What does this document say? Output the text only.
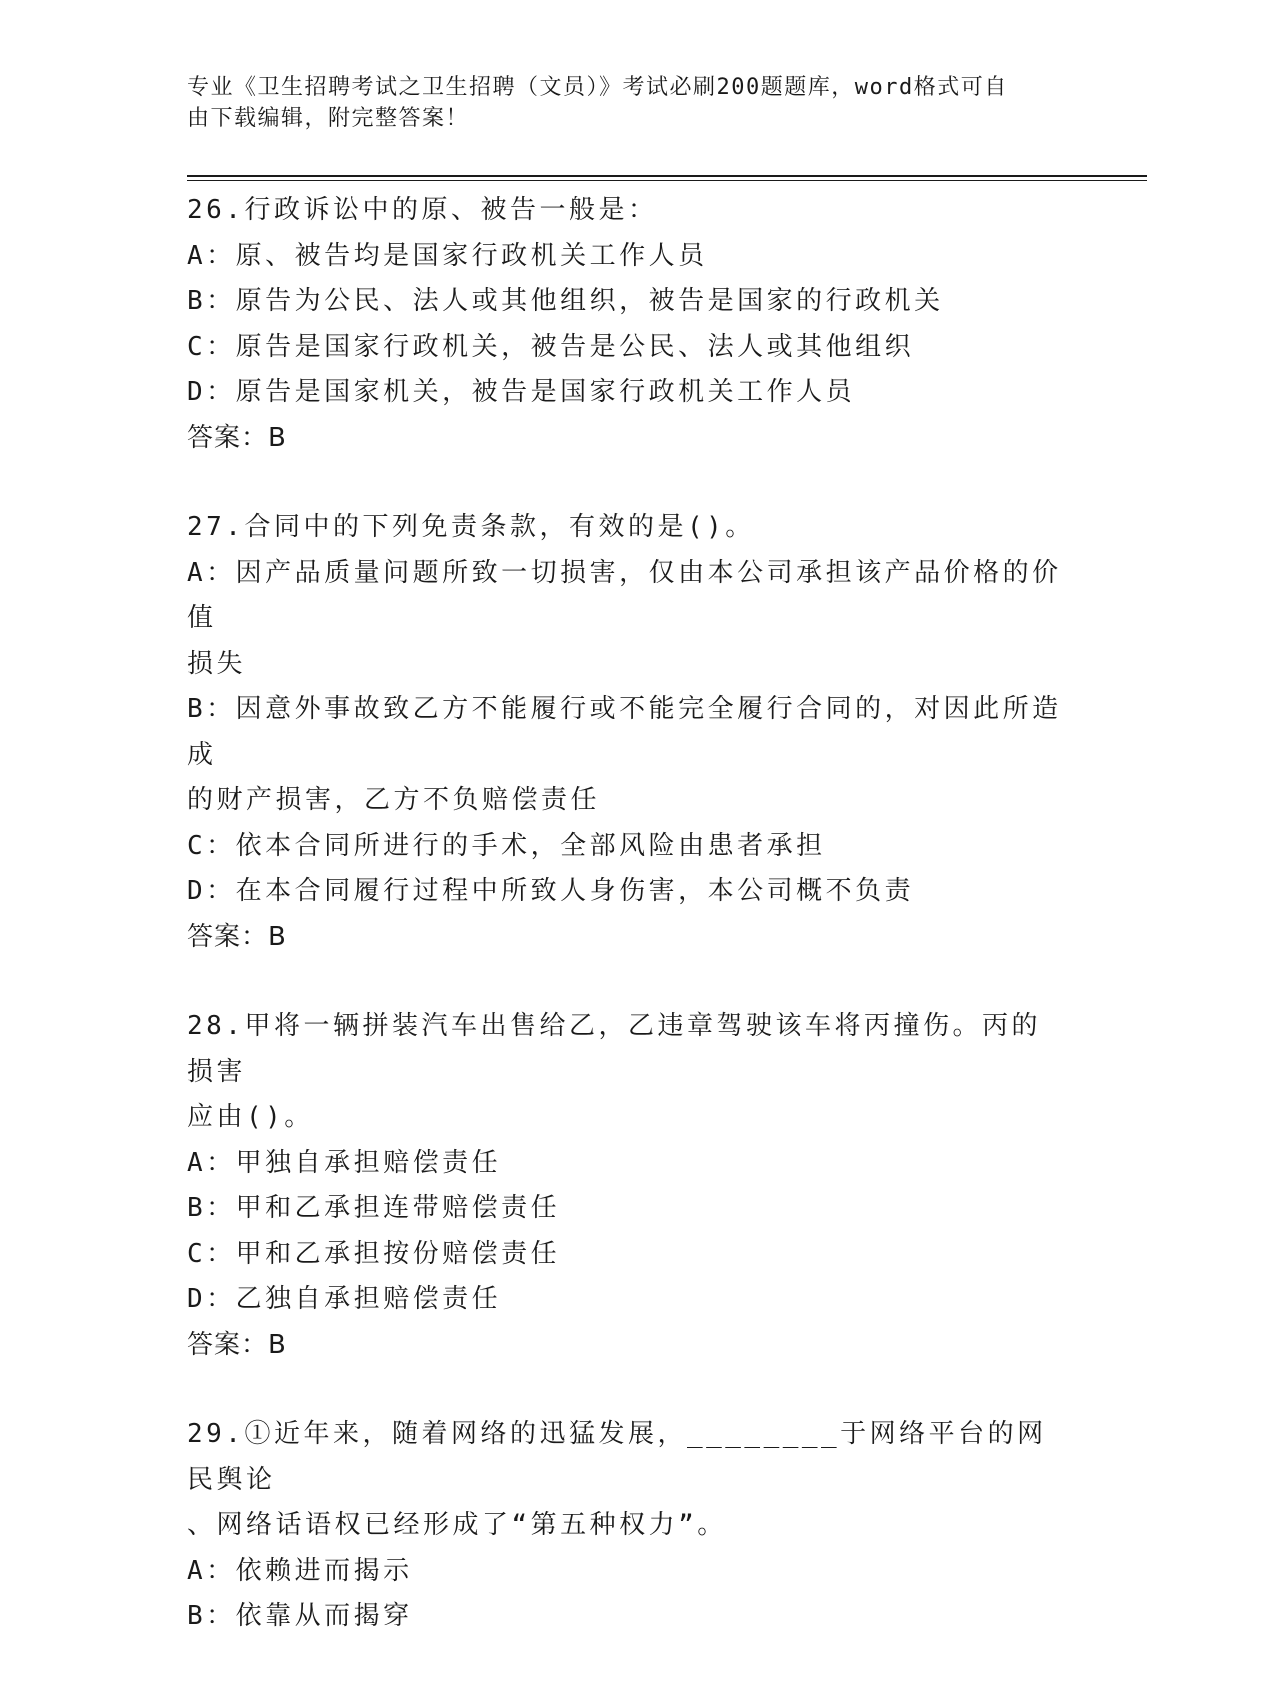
专业《卫生招聘考试之卫生招聘（文员）》考试必刷200题题库，word格式可自
由下载编辑，附完整答案！
26.行政诉讼中的原、被告一般是：
A：原、被告均是国家行政机关工作人员
B：原告为公民、法人或其他组织，被告是国家的行政机关
C：原告是国家行政机关，被告是公民、法人或其他组织
D：原告是国家机关，被告是国家行政机关工作人员
答案：B
27.合同中的下列免责条款，有效的是()。
A：因产品质量问题所致一切损害，仅由本公司承担该产品价格的价值
损失
B：因意外事故致乙方不能履行或不能完全履行合同的，对因此所造成
的财产损害，乙方不负赔偿责任
C：依本合同所进行的手术，全部风险由患者承担
D：在本合同履行过程中所致人身伤害，本公司概不负责
答案：B
28.甲将一辆拼装汽车出售给乙，乙违章驾驶该车将丙撞伤。丙的损害
应由()。
A：甲独自承担赔偿责任
B：甲和乙承担连带赔偿责任
C：甲和乙承担按份赔偿责任
D：乙独自承担赔偿责任
答案：B
29.①近年来，随着网络的迅猛发展，________于网络平台的网民舆论
、网络话语权已经形成了“第五种权力”。
A：依赖进而揭示
B：依靠从而揭穿
